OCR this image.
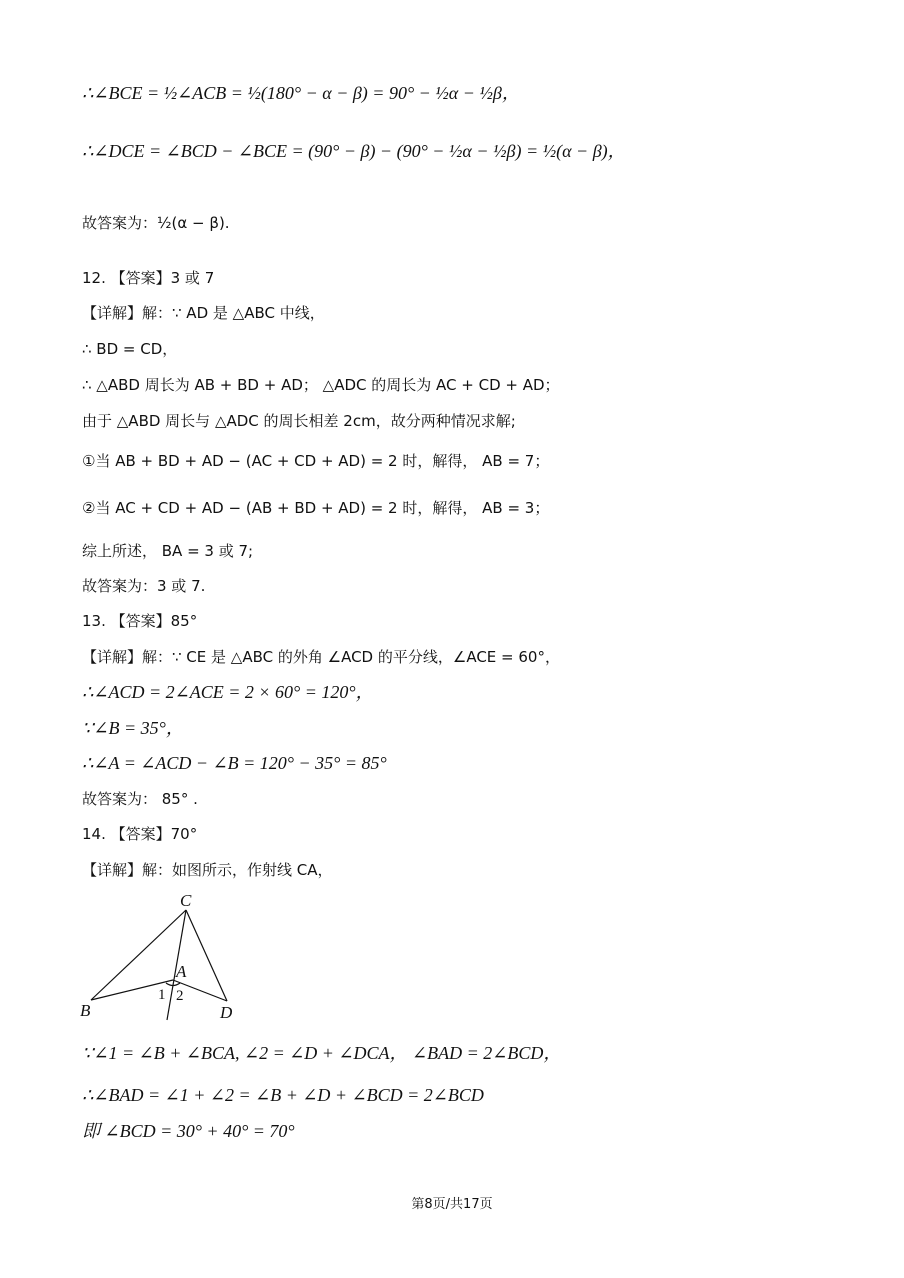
∴∠BCE = ½∠ACB = ½(180° − α − β) = 90° − ½α − ½β，
∴∠DCE = ∠BCD − ∠BCE = (90° − β) − (90° − ½α − ½β) = ½(α − β)，
故答案为：½(α − β).
12. 【答案】3 或 7
【详解】解：∵ AD 是 △ABC 中线，
∴ BD = CD，
∴ △ABD 周长为 AB + BD + AD； △ADC 的周长为 AC + CD + AD；
由于 △ABD 周长与 △ADC 的周长相差 2cm，故分两种情况求解;
①当 AB + BD + AD − (AC + CD + AD) = 2 时，解得， AB = 7；
②当 AC + CD + AD − (AB + BD + AD) = 2 时，解得， AB = 3；
综上所述， BA = 3 或 7;
故答案为：3 或 7.
13. 【答案】85°
【详解】解：∵ CE 是 △ABC 的外角 ∠ACD 的平分线，∠ACE = 60°，
∴∠ACD = 2∠ACE = 2 × 60° = 120°，
∵∠B = 35°，
∴∠A = ∠ACD − ∠B = 120° − 35° = 85°
故答案为： 85° .
14. 【答案】70°
【详解】解：如图所示，作射线 CA，
C
A
B	D
1 2
∵∠1 = ∠B + ∠BCA, ∠2 = ∠D + ∠DCA， ∠BAD = 2∠BCD，
∴∠BAD = ∠1 + ∠2 = ∠B + ∠D + ∠BCD = 2∠BCD
即 ∠BCD = 30° + 40° = 70°
第8页/共17页
